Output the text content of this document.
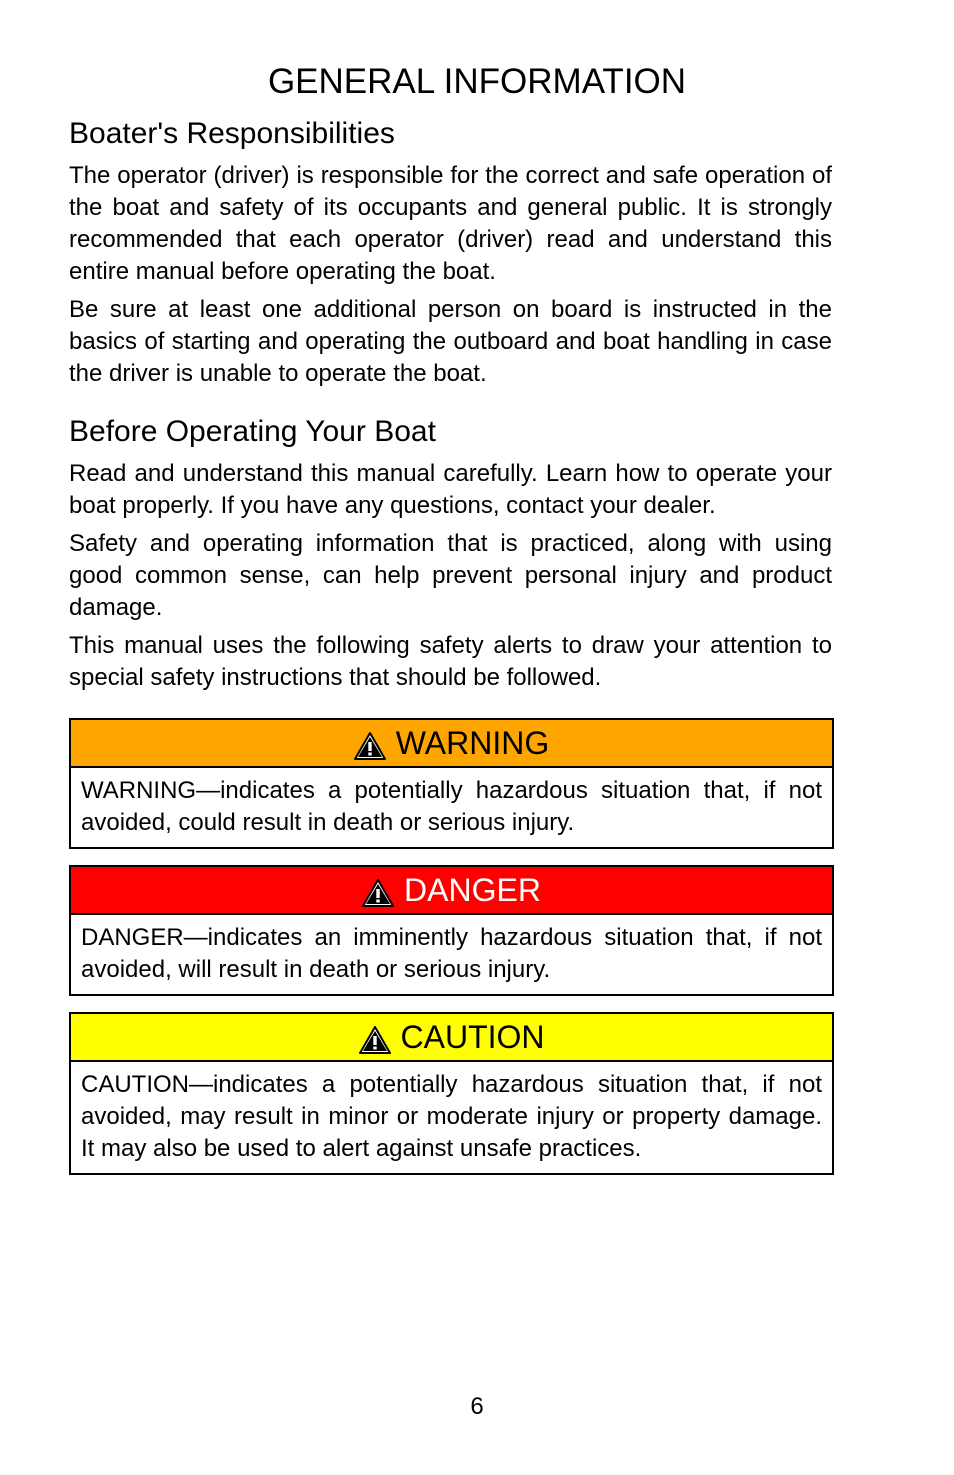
GENERAL INFORMATION
Boater's Responsibilities

The operator (driver) is responsible for the correct and safe operation of the boat and safety of its occupants and general public. It is strongly recommended that each operator (driver) read and understand this entire manual before operating the boat.

Be sure at least one additional person on board is instructed in the basics of starting and operating the outboard and boat handling in case the driver is unable to operate the boat.

Before Operating Your Boat

Read and understand this manual carefully. Learn how to operate your boat properly. If you have any questions, contact your dealer.

Safety and operating information that is practiced, along with using good common sense, can help prevent personal injury and product damage.

This manual uses the following safety alerts to draw your attention to special safety instructions that should be followed.

WARNING
WARNING—indicates a potentially hazardous situation that, if not avoided, could result in death or serious injury.
DANGER
DANGER—indicates an imminently hazardous situation that, if not avoided, will result in death or serious injury.
CAUTION
CAUTION—indicates a potentially hazardous situation that, if not avoided, may result in minor or moderate injury or property damage. It may also be used to alert against unsafe practices.
6
